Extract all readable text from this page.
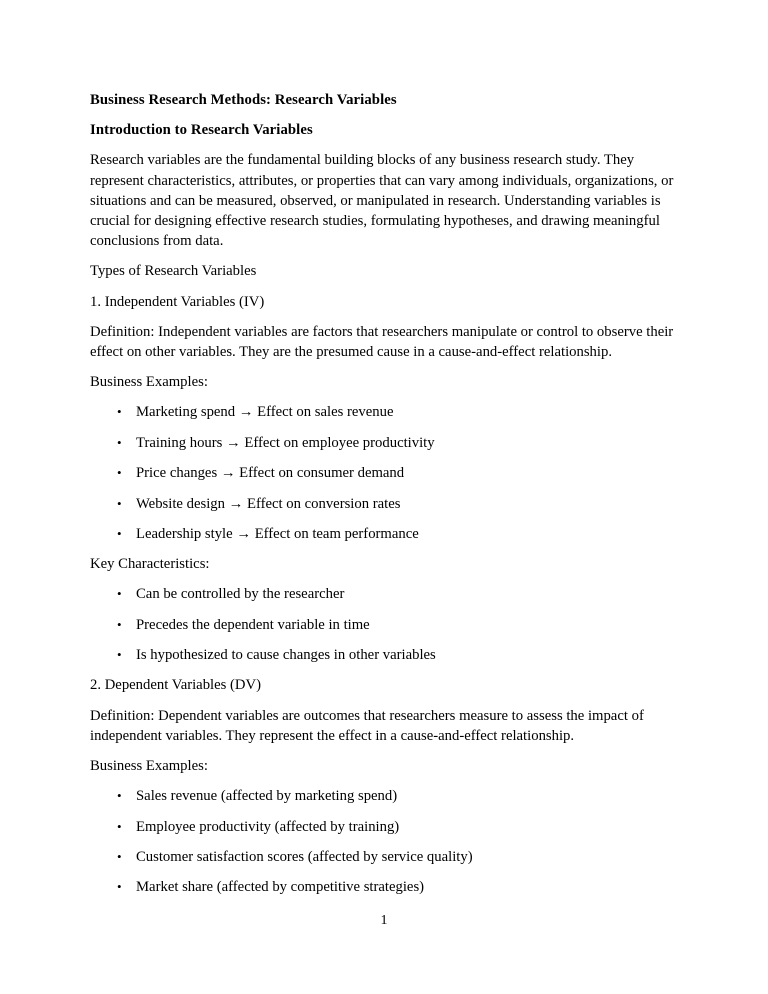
Business Research Methods: Research Variables

Introduction to Research Variables

Research variables are the fundamental building blocks of any business research study. They represent characteristics, attributes, or properties that can vary among individuals, organizations, or situations and can be measured, observed, or manipulated in research. Understanding variables is crucial for designing effective research studies, formulating hypotheses, and drawing meaningful conclusions from data.

Types of Research Variables

1. Independent Variables (IV)

Definition: Independent variables are factors that researchers manipulate or control to observe their effect on other variables. They are the presumed cause in a cause-and-effect relationship.

Business Examples:

• Marketing spend → Effect on sales revenue
• Training hours → Effect on employee productivity
• Price changes → Effect on consumer demand
• Website design → Effect on conversion rates
• Leadership style → Effect on team performance

Key Characteristics:

• Can be controlled by the researcher
• Precedes the dependent variable in time
• Is hypothesized to cause changes in other variables

2. Dependent Variables (DV)

Definition: Dependent variables are outcomes that researchers measure to assess the impact of independent variables. They represent the effect in a cause-and-effect relationship.

Business Examples:

• Sales revenue (affected by marketing spend)
• Employee productivity (affected by training)
• Customer satisfaction scores (affected by service quality)
• Market share (affected by competitive strategies)
1
